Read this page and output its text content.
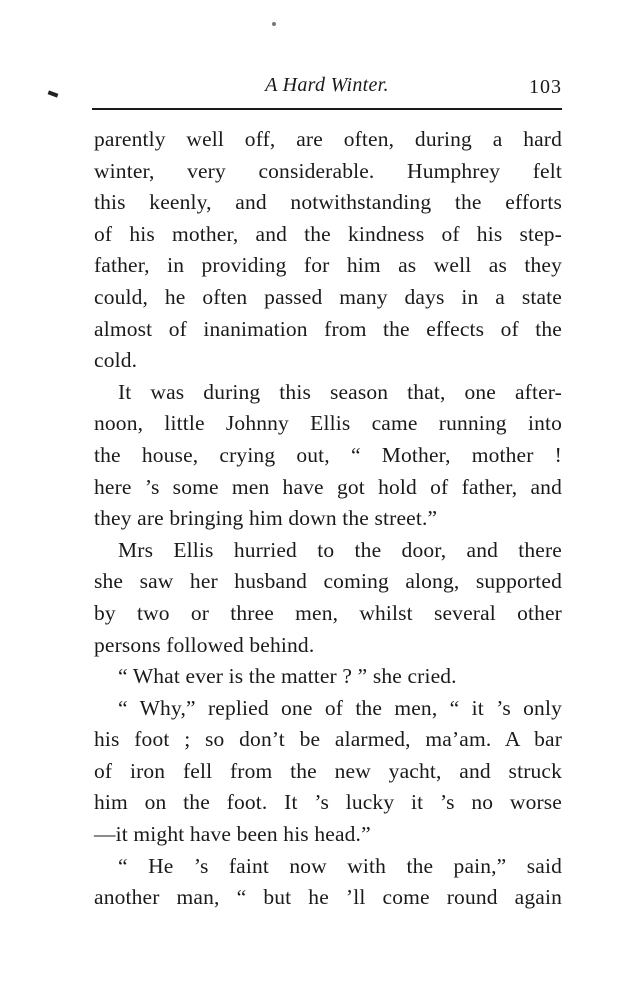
A Hard Winter.	103
parently well off, are often, during a hard
winter, very considerable. Humphrey felt
this keenly, and notwithstanding the efforts
of his mother, and the kindness of his step-
father, in providing for him as well as they
could, he often passed many days in a state
almost of inanimation from the effects of the
cold.
It was during this season that, one after-
noon, little Johnny Ellis came running into
the house, crying out, “ Mother, mother !
here ’s some men have got hold of father, and
they are bringing him down the street.”
Mrs Ellis hurried to the door, and there
she saw her husband coming along, supported
by two or three men, whilst several other
persons followed behind.
“ What ever is the matter ? ” she cried.
“ Why,” replied one of the men, “ it ’s only
his foot ; so don’t be alarmed, ma’am. A bar
of iron fell from the new yacht, and struck
him on the foot. It ’s lucky it ’s no worse
—it might have been his head.”
“ He ’s faint now with the pain,” said
another man, “ but he ’ll come round again
